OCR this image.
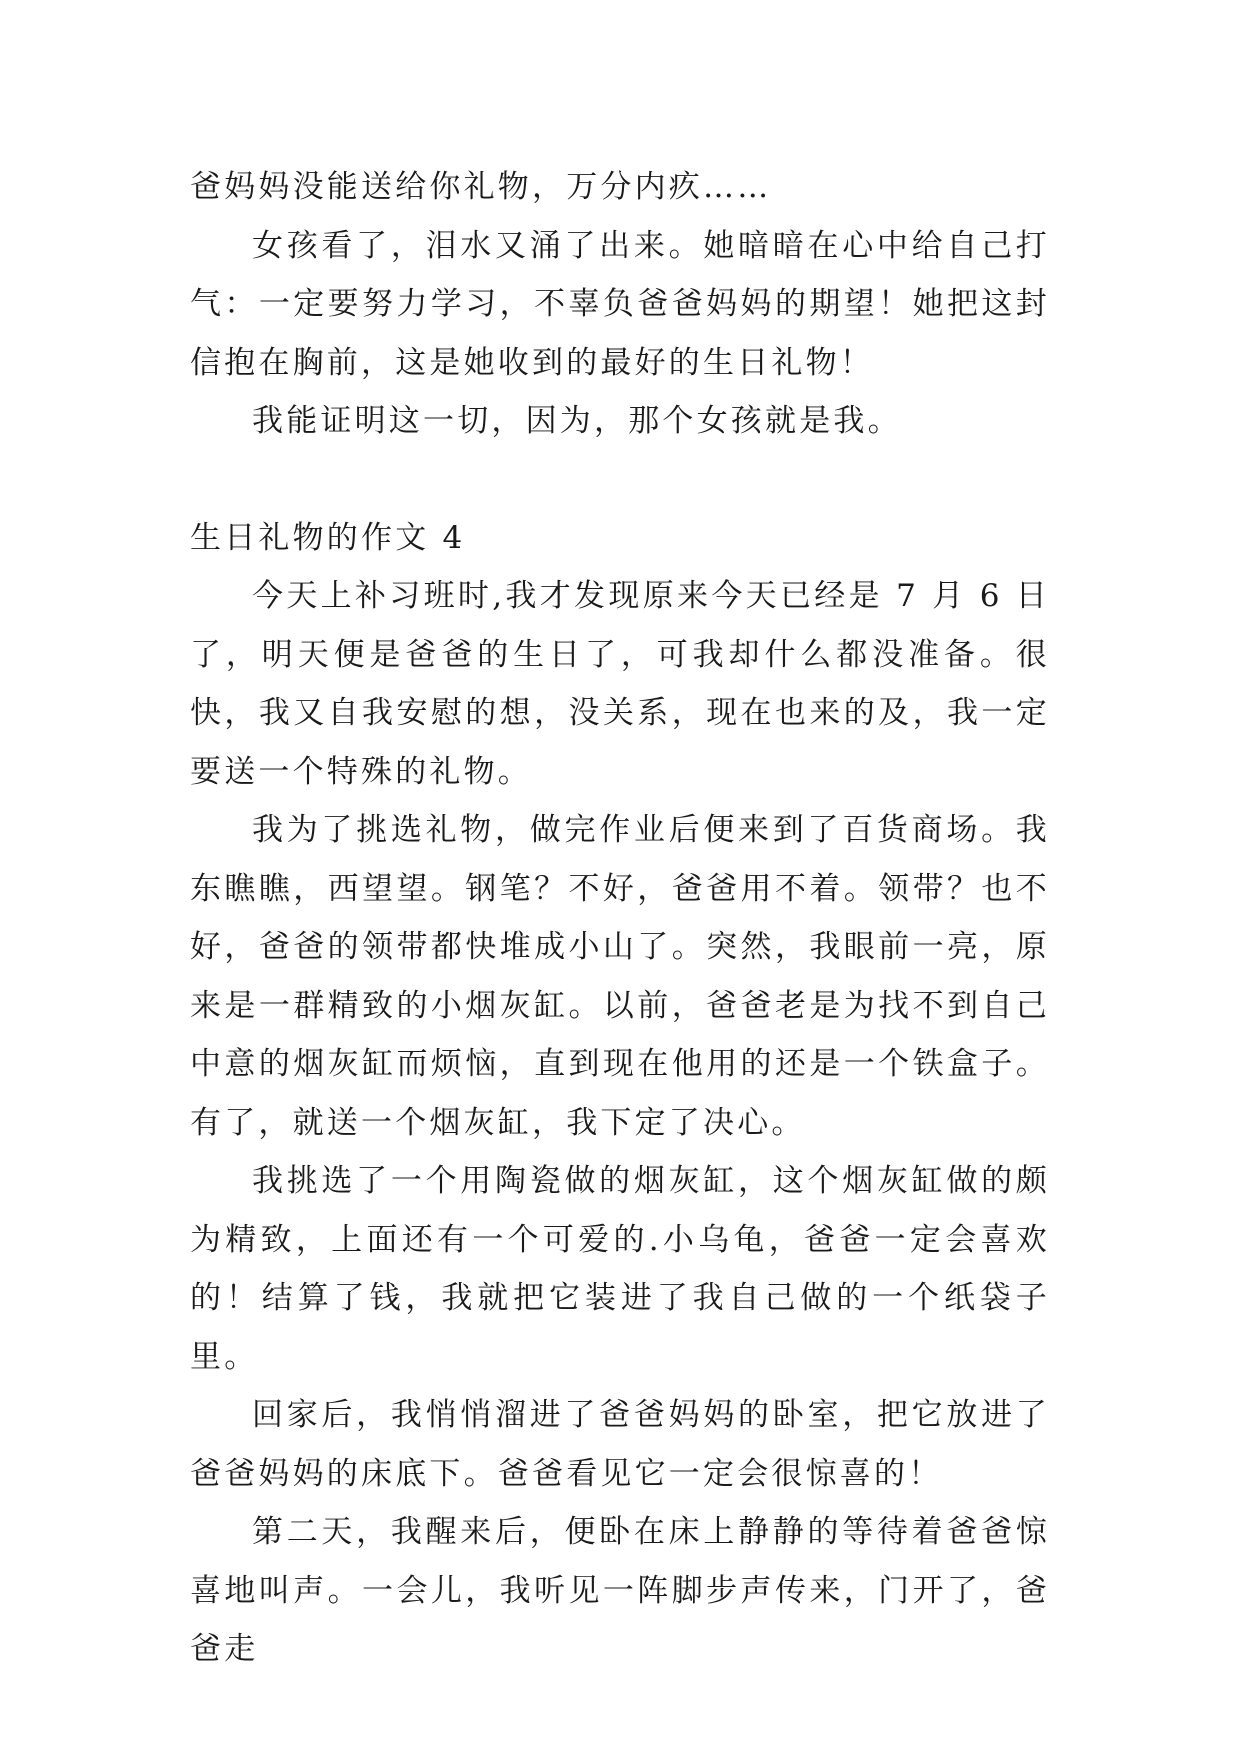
爸妈妈没能送给你礼物，万分内疚……

女孩看了，泪水又涌了出来。她暗暗在心中给自己打气：一定要努力学习，不辜负爸爸妈妈的期望！她把这封信抱在胸前，这是她收到的最好的生日礼物！

我能证明这一切，因为，那个女孩就是我。

生日礼物的作文 4

今天上补习班时,我才发现原来今天已经是 7 月 6 日了，明天便是爸爸的生日了，可我却什么都没准备。很快，我又自我安慰的想，没关系，现在也来的及，我一定要送一个特殊的礼物。

我为了挑选礼物，做完作业后便来到了百货商场。我东瞧瞧，西望望。钢笔？不好，爸爸用不着。领带？也不好，爸爸的领带都快堆成小山了。突然，我眼前一亮，原来是一群精致的小烟灰缸。以前，爸爸老是为找不到自己中意的烟灰缸而烦恼，直到现在他用的还是一个铁盒子。有了，就送一个烟灰缸，我下定了决心。

我挑选了一个用陶瓷做的烟灰缸，这个烟灰缸做的颇为精致，上面还有一个可爱的.小乌龟，爸爸一定会喜欢的！结算了钱，我就把它装进了我自己做的一个纸袋子里。

回家后，我悄悄溜进了爸爸妈妈的卧室，把它放进了爸爸妈妈的床底下。爸爸看见它一定会很惊喜的！

第二天，我醒来后，便卧在床上静静的等待着爸爸惊喜地叫声。一会儿，我听见一阵脚步声传来，门开了，爸爸走
